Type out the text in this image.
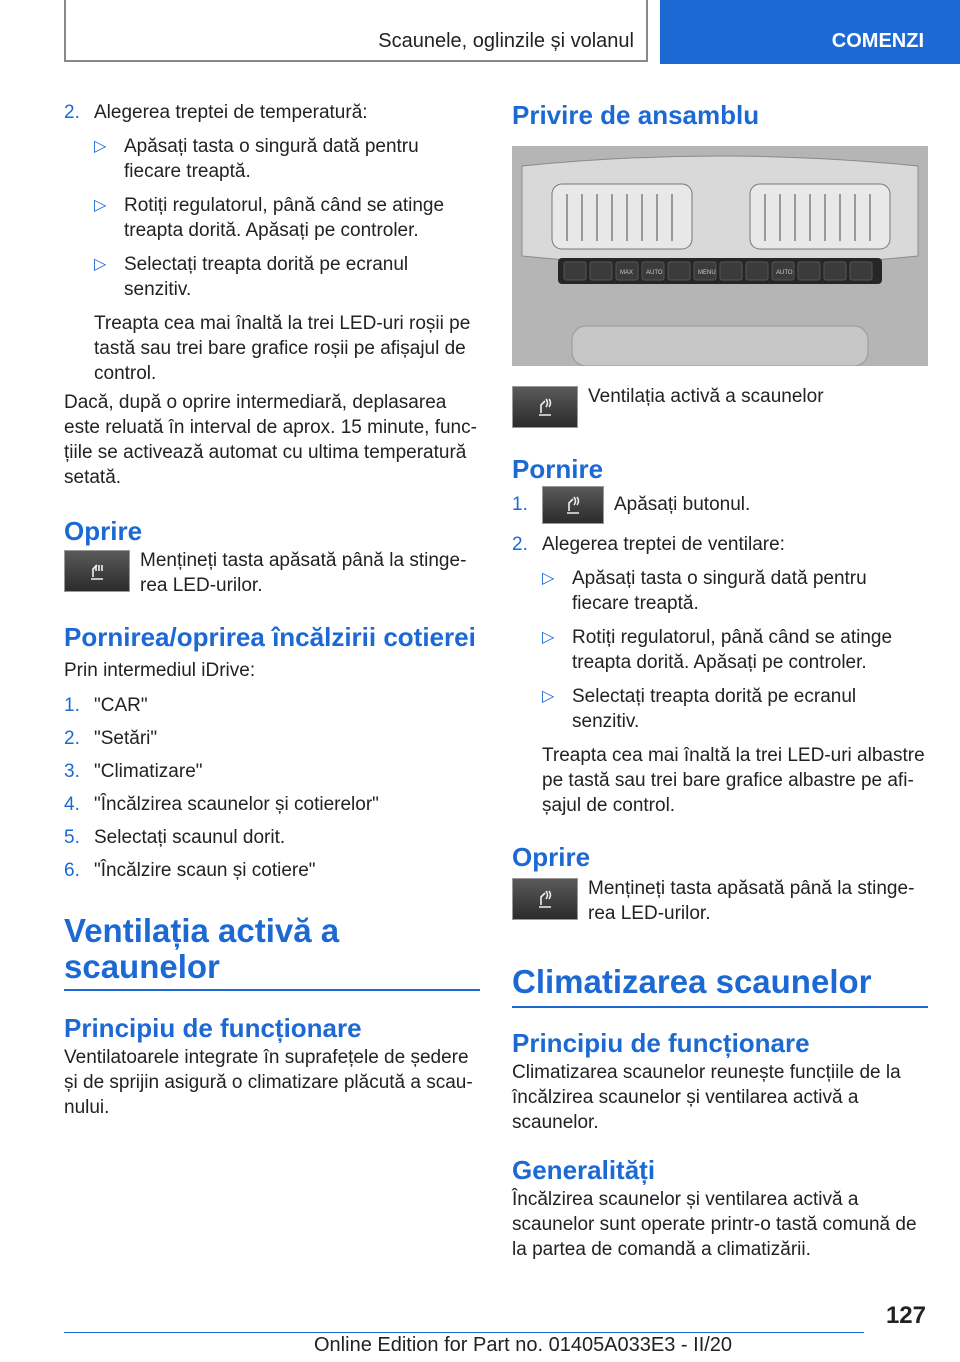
Scaunele, oglinzile și volanul	COMENZI
2. Alegerea treptei de temperatură:

▷ Apăsați tasta o singură dată pentru fiecare treaptă.

▷ Rotiți regulatorul, până când se atinge treapta dorită. Apăsați pe controler.

▷ Selectați treapta dorită pe ecranul senzitiv.

Treapta cea mai înaltă la trei LED-uri roșii pe tastă sau trei bare grafice roșii pe afișajul de control.

Dacă, după o oprire intermediară, deplasarea este reluată în interval de aprox. 15 minute, funcțiile se activează automat cu ultima temperatură setată.

Oprire

Mențineți tasta apăsată până la stingerea LED-urilor.

Pornirea/oprirea încălzirii cotierei

Prin intermediul iDrive:

1. "CAR"

2. "Setări"

3. "Climatizare"

4. "Încălzirea scaunelor și cotierelor"

5. Selectați scaunul dorit.

6. "Încălzire scaun și cotiere"

Ventilația activă a scaunelor
Principiu de funcționare

Ventilatoarele integrate în suprafețele de ședere și de sprijin asigură o climatizare plăcută a scaunului.

Privire de ansamblu
MAX AUTO	MENU	AUTO

Ventilația activă a scaunelor

Pornire
1.	Apăsați butonul.

2. Alegerea treptei de ventilare:

▷ Apăsați tasta o singură dată pentru fiecare treaptă.

▷ Rotiți regulatorul, până când se atinge treapta dorită. Apăsați pe controler.

▷ Selectați treapta dorită pe ecranul senzitiv.

Treapta cea mai înaltă la trei LED-uri albastre pe tastă sau trei bare grafice albastre pe afișajul de control.

Oprire

Mențineți tasta apăsată până la stingerea LED-urilor.

Climatizarea scaunelor
Principiu de funcționare

Climatizarea scaunelor reunește funcțiile de la încălzirea scaunelor și ventilarea activă a scaunelor.

Generalități

Încălzirea scaunelor și ventilarea activă a scaunelor sunt operate printr-o tastă comună de la partea de comandă a climatizării.

127
Online Edition for Part no. 01405A033E3 - II/20
